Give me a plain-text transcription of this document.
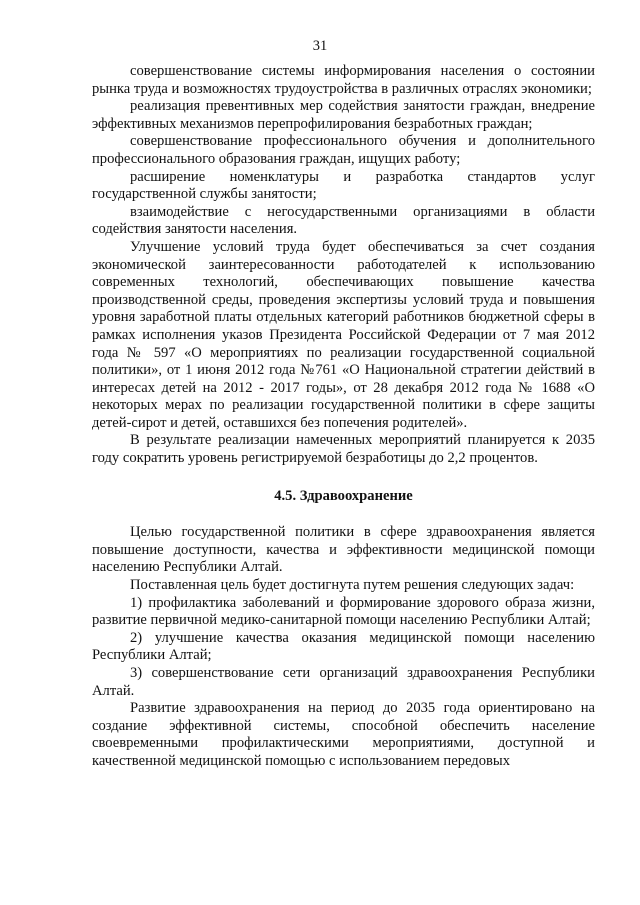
31

совершенствование системы информирования населения о состоянии рынка труда и возможностях трудоустройства в различных отраслях экономики;

реализация превентивных мер содействия занятости граждан, внедрение эффективных механизмов перепрофилирования безработных граждан;

совершенствование профессионального обучения и дополнительного профессионального образования граждан, ищущих работу;

расширение номенклатуры и разработка стандартов услуг государственной службы занятости;

взаимодействие с негосударственными организациями в области содействия занятости населения.

Улучшение условий труда будет обеспечиваться за счет создания экономической заинтересованности работодателей к использованию современных технологий, обеспечивающих повышение качества производственной среды, проведения экспертизы условий труда и повышения уровня заработной платы отдельных категорий работников бюджетной сферы в рамках исполнения указов Президента Российской Федерации от 7 мая 2012 года № 597 «О мероприятиях по реализации государственной социальной политики», от 1 июня 2012 года №761 «О Национальной стратегии действий в интересах детей на 2012 - 2017 годы», от 28 декабря 2012 года № 1688 «О некоторых мерах по реализации государственной политики в сфере защиты детей-сирот и детей, оставшихся без попечения родителей».

В результате реализации намеченных мероприятий планируется к 2035 году сократить уровень регистрируемой безработицы до 2,2 процентов.

4.5. Здравоохранение

Целью государственной политики в сфере здравоохранения является повышение доступности, качества и эффективности медицинской помощи населению Республики Алтай.

Поставленная цель будет достигнута путем решения следующих задач:

1) профилактика заболеваний и формирование здорового образа жизни, развитие первичной медико-санитарной помощи населению Республики Алтай;

2) улучшение качества оказания медицинской помощи населению Республики Алтай;

3) совершенствование сети организаций здравоохранения Республики Алтай.

Развитие здравоохранения на период до 2035 года ориентировано на создание эффективной системы, способной обеспечить население своевременными профилактическими мероприятиями, доступной и качественной медицинской помощью с использованием передовых
